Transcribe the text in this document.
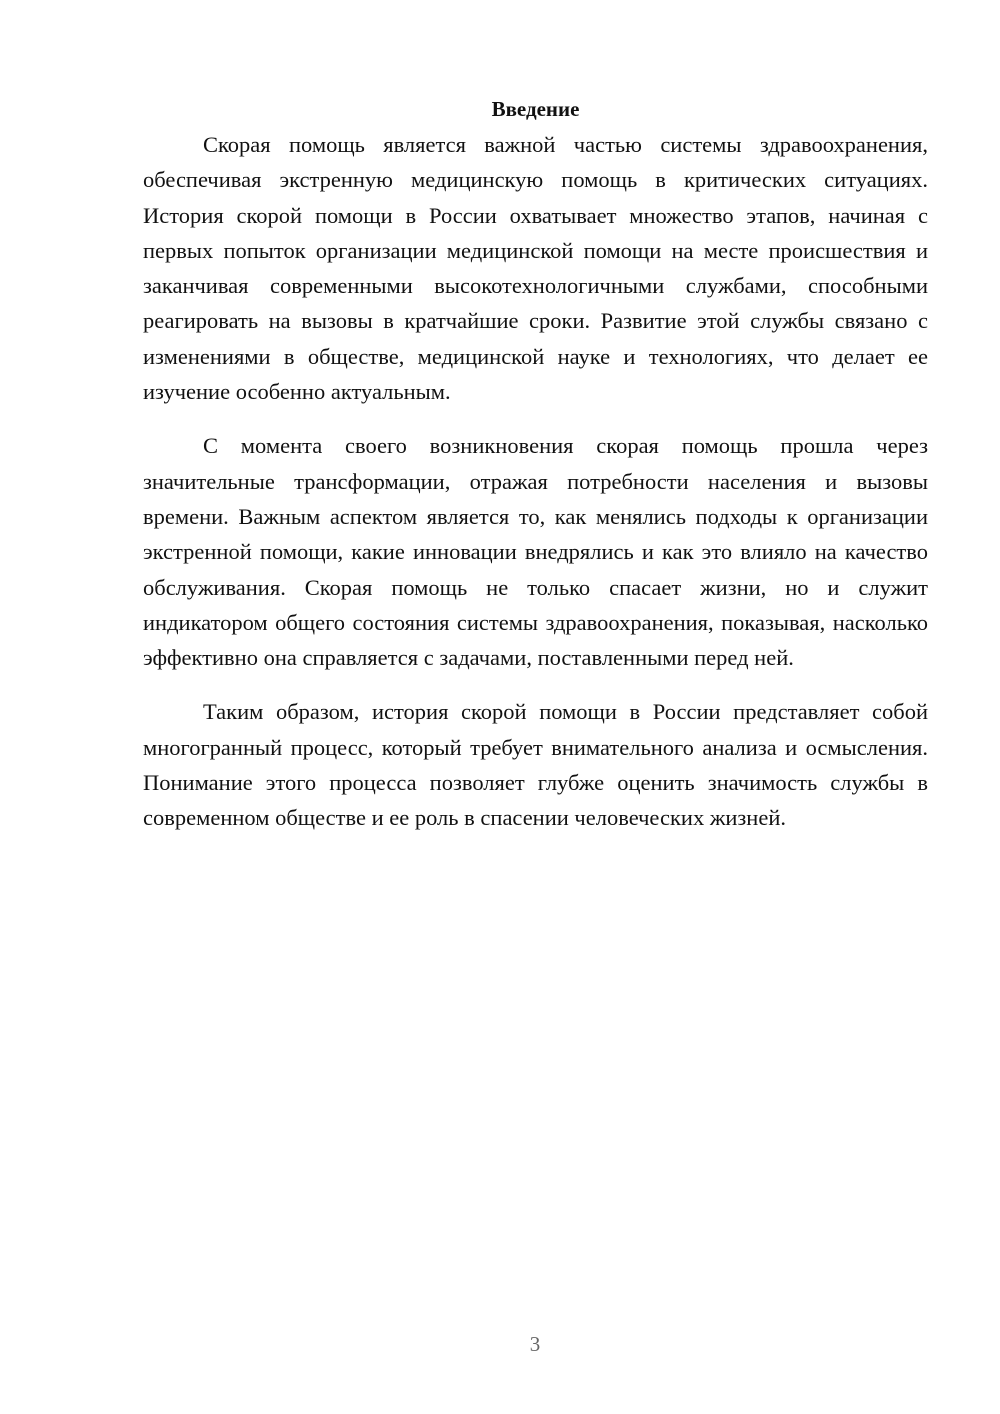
Введение

Скорая помощь является важной частью системы здравоохранения, обеспечивая экстренную медицинскую помощь в критических ситуациях. История скорой помощи в России охватывает множество этапов, начиная с первых попыток организации медицинской помощи на месте происшествия и заканчивая современными высокотехнологичными службами, способными реагировать на вызовы в кратчайшие сроки. Развитие этой службы связано с изменениями в обществе, медицинской науке и технологиях, что делает ее изучение особенно актуальным.

С момента своего возникновения скорая помощь прошла через значительные трансформации, отражая потребности населения и вызовы времени. Важным аспектом является то, как менялись подходы к организации экстренной помощи, какие инновации внедрялись и как это влияло на качество обслуживания. Скорая помощь не только спасает жизни, но и служит индикатором общего состояния системы здравоохранения, показывая, насколько эффективно она справляется с задачами, поставленными перед ней.

Таким образом, история скорой помощи в России представляет собой многогранный процесс, который требует внимательного анализа и осмысления. Понимание этого процесса позволяет глубже оценить значимость службы в современном обществе и ее роль в спасении человеческих жизней.

3
